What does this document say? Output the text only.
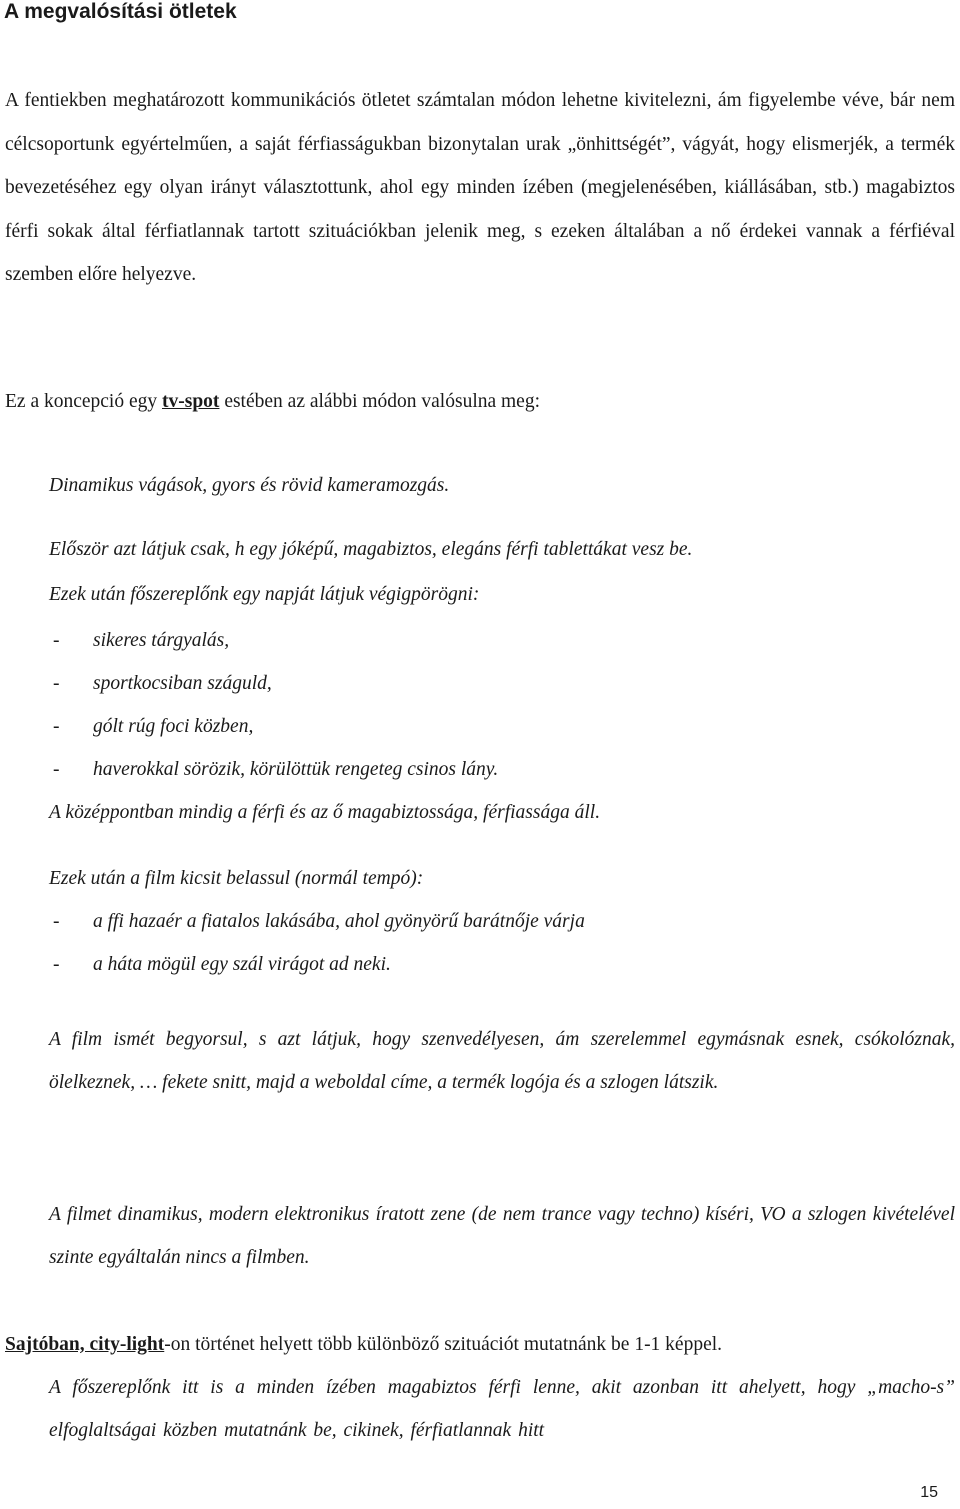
A megvalósítási ötletek

A fentiekben meghatározott kommunikációs ötletet számtalan módon lehetne kivitelezni, ám figyelembe véve, bár nem célcsoportunk egyértelműen, a saját férfiasságukban bizonytalan urak „önhittségét”, vágyát, hogy elismerjék, a termék bevezetéséhez egy olyan irányt választottunk, ahol egy minden ízében (megjelenésében, kiállásában, stb.) magabiztos férfi sokak által férfiatlannak tartott szituációkban jelenik meg, s ezeken általában a nő érdekei vannak a férfiéval szemben előre helyezve.

Ez a koncepció egy tv-spot estében az alábbi módon valósulna meg:

Dinamikus vágások, gyors és rövid kameramozgás.
Először azt látjuk csak, h egy jóképű, magabiztos, elegáns férfi tablettákat vesz be.
Ezek után főszereplőnk egy napját látjuk végigpörögni:
- sikeres tárgyalás,
- sportkocsiban száguld,
- gólt rúg foci közben,
- haverokkal sörözik, körülöttük rengeteg csinos lány.
A középpontban mindig a férfi és az ő magabiztossága, férfiassága áll.
Ezek után a film kicsit belassul (normál tempó):
- a ffi hazaér a fiatalos lakásába, ahol gyönyörű barátnője várja
- a háta mögül egy szál virágot ad neki.

A film ismét begyorsul, s azt látjuk, hogy szenvedélyesen, ám szerelemmel egymásnak esnek, csókolóznak, ölelkeznek, … fekete snitt, majd a weboldal címe, a termék logója és a szlogen látszik.

A filmet dinamikus, modern elektronikus íratott zene (de nem trance vagy techno) kíséri, VO a szlogen kivételével szinte egyáltalán nincs a filmben.

Sajtóban, city-light-on történet helyett több különböző szituációt mutatnánk be 1-1 képpel.

A főszereplőnk itt is a minden ízében magabiztos férfi lenne, akit azonban itt ahelyett, hogy „macho-s” elfoglaltságai közben mutatnánk be, cikinek, férfiatlannak hitt

15
